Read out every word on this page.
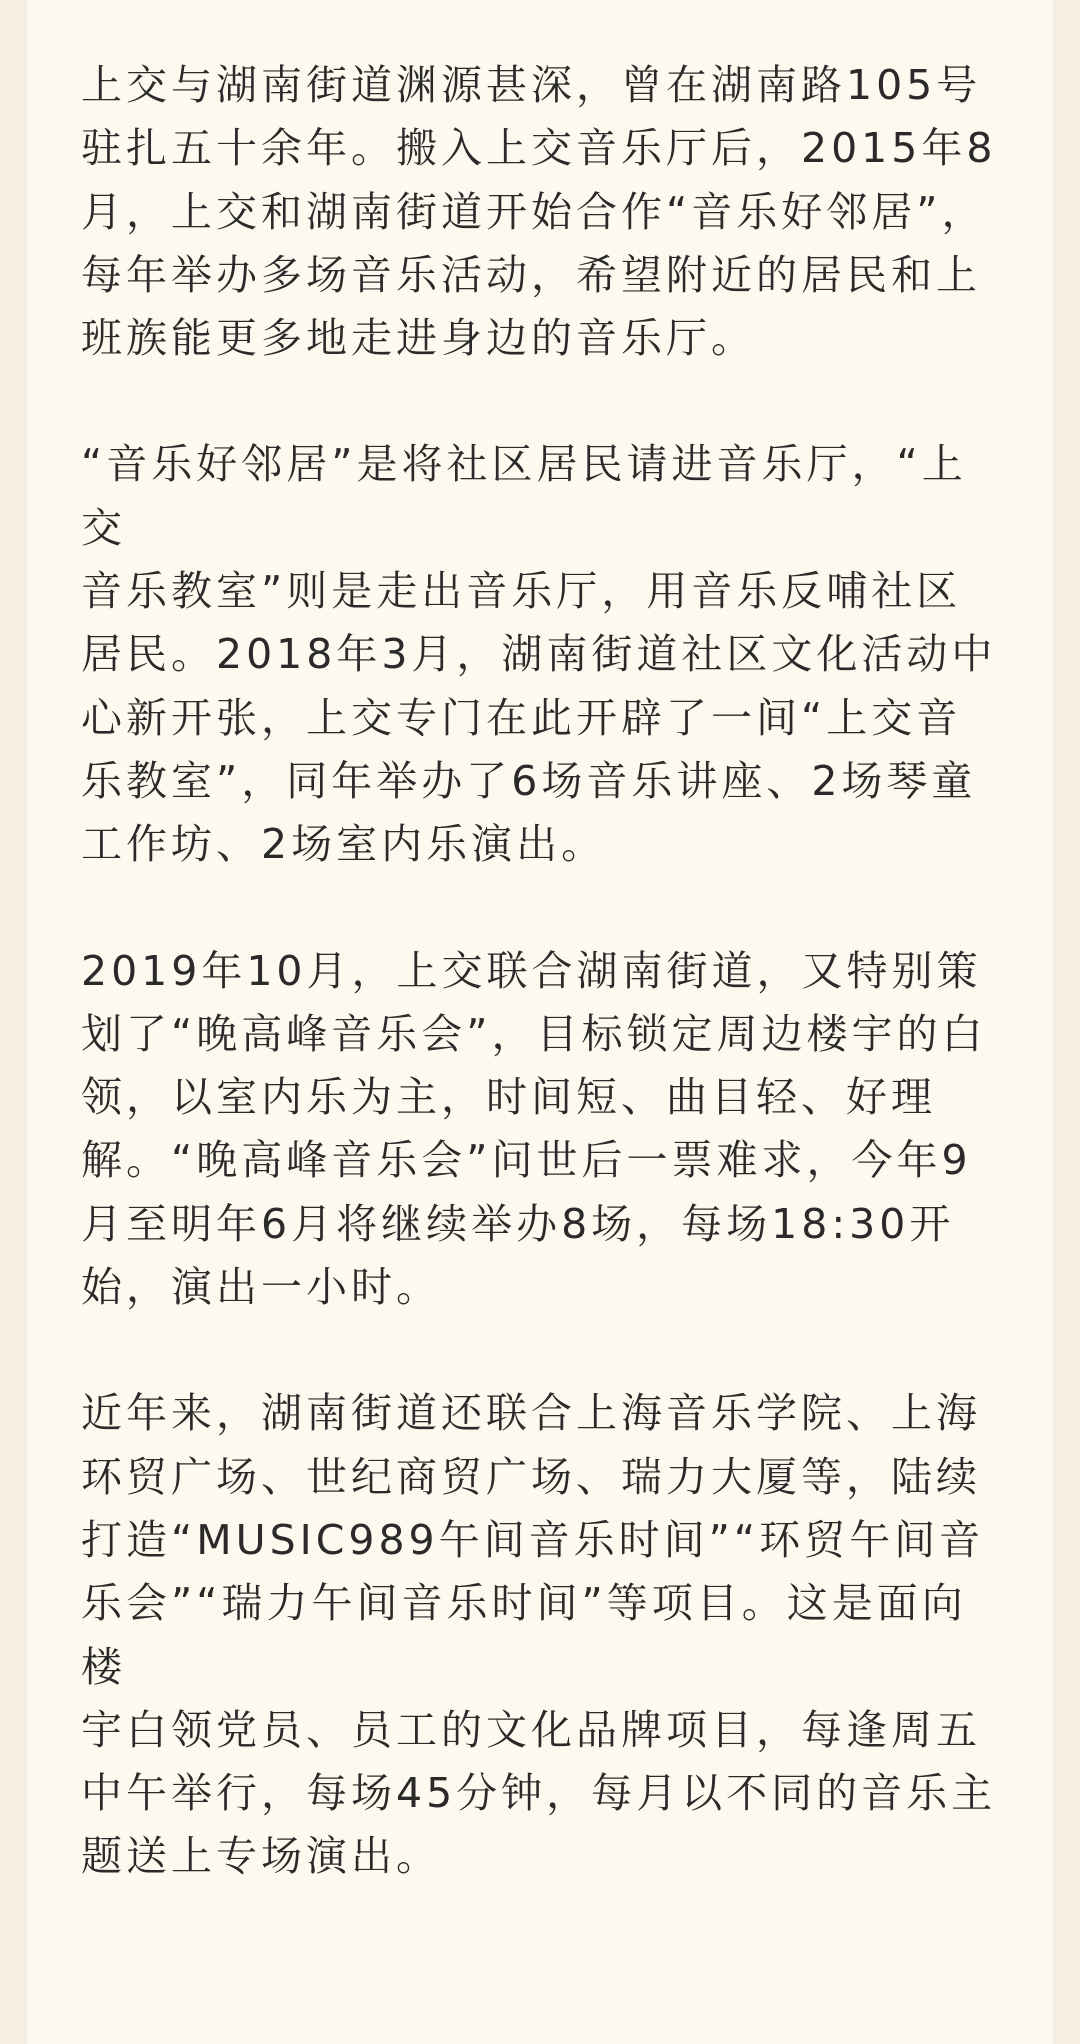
上交与湖南街道渊源甚深，曾在湖南路105号
驻扎五十余年。搬入上交音乐厅后，2015年8
月，上交和湖南街道开始合作“音乐好邻居”，
每年举办多场音乐活动，希望附近的居民和上
班族能更多地走进身边的音乐厅。

“音乐好邻居”是将社区居民请进音乐厅，“上交
音乐教室”则是走出音乐厅，用音乐反哺社区
居民。2018年3月，湖南街道社区文化活动中
心新开张，上交专门在此开辟了一间“上交音
乐教室”，同年举办了6场音乐讲座、2场琴童
工作坊、2场室内乐演出。

2019年10月，上交联合湖南街道，又特别策
划了“晚高峰音乐会”，目标锁定周边楼宇的白
领，以室内乐为主，时间短、曲目轻、好理
解。“晚高峰音乐会”问世后一票难求，今年9
月至明年6月将继续举办8场，每场18:30开
始，演出一小时。

近年来，湖南街道还联合上海音乐学院、上海
环贸广场、世纪商贸广场、瑞力大厦等，陆续
打造“MUSIC989午间音乐时间”“环贸午间音
乐会”“瑞力午间音乐时间”等项目。这是面向楼
宇白领党员、员工的文化品牌项目，每逢周五
中午举行，每场45分钟，每月以不同的音乐主
题送上专场演出。
